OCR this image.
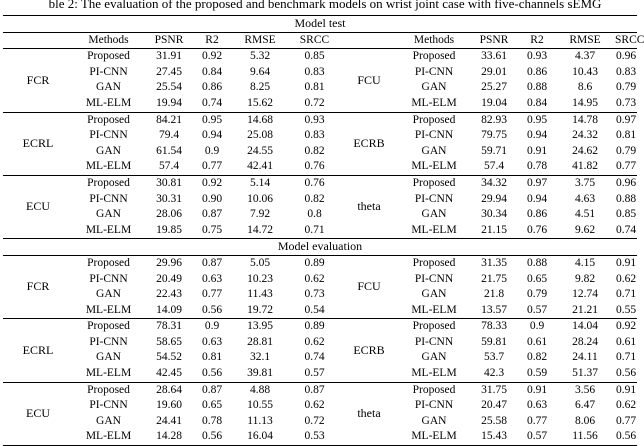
ble 2: The evaluation of the proposed and benchmark models on wrist joint case with five-channels sEMG
Model test												
	Methods	PSNR	R2	RMSE	SRCC		Methods	PSNR	R2	RMSE	SRCC	
FCR	Proposed	31.91	0.92	5.32	0.85	FCU	Proposed	33.61	0.93	4.37	0.96	
	PI-CNN	27.45	0.84	9.64	0.83		PI-CNN	29.01	0.86	10.43	0.83	
	GAN	25.54	0.86	8.25	0.81		GAN	25.27	0.88	8.6	0.79	
	ML-ELM	19.94	0.74	15.62	0.72		ML-ELM	19.04	0.84	14.95	0.73	
ECRL	Proposed	84.21	0.95	14.68	0.93	ECRB	Proposed	82.93	0.95	14.78	0.97	
	PI-CNN	79.4	0.94	25.08	0.83		PI-CNN	79.75	0.94	24.32	0.81	
	GAN	61.54	0.9	24.55	0.82		GAN	59.71	0.91	24.62	0.79	
	ML-ELM	57.4	0.77	42.41	0.76		ML-ELM	57.4	0.78	41.82	0.77	
ECU	Proposed	30.81	0.92	5.14	0.76	theta	Proposed	34.32	0.97	3.75	0.96	
	PI-CNN	30.31	0.90	10.06	0.82		PI-CNN	29.94	0.94	4.63	0.88	
	GAN	28.06	0.87	7.92	0.8		GAN	30.34	0.86	4.51	0.85	
	ML-ELM	19.85	0.75	14.72	0.71		ML-ELM	21.15	0.76	9.62	0.74	
Model evaluation												
FCR	Proposed	29.96	0.87	5.05	0.89	FCU	Proposed	31.35	0.88	4.15	0.91	
	PI-CNN	20.49	0.63	10.23	0.62		PI-CNN	21.75	0.65	9.82	0.62	
	GAN	22.43	0.77	11.43	0.73		GAN	21.8	0.79	12.74	0.71	
	ML-ELM	14.09	0.56	19.72	0.54		ML-ELM	13.57	0.57	21.21	0.55	
ECRL	Proposed	78.31	0.9	13.95	0.89	ECRB	Proposed	78.33	0.9	14.04	0.92	
	PI-CNN	58.65	0.63	28.81	0.62		PI-CNN	59.81	0.61	28.24	0.61	
	GAN	54.52	0.81	32.1	0.74		GAN	53.7	0.82	24.11	0.71	
	ML-ELM	42.45	0.56	39.81	0.57		ML-ELM	42.3	0.59	51.37	0.56	
ECU	Proposed	28.64	0.87	4.88	0.87	theta	Proposed	31.75	0.91	3.56	0.91	
	PI-CNN	19.60	0.65	10.55	0.62		PI-CNN	20.47	0.63	6.47	0.62	
	GAN	24.41	0.78	11.13	0.72		GAN	25.58	0.77	8.06	0.77	
	ML-ELM	14.28	0.56	16.04	0.53		ML-ELM	15.43	0.57	11.56	0.56	
